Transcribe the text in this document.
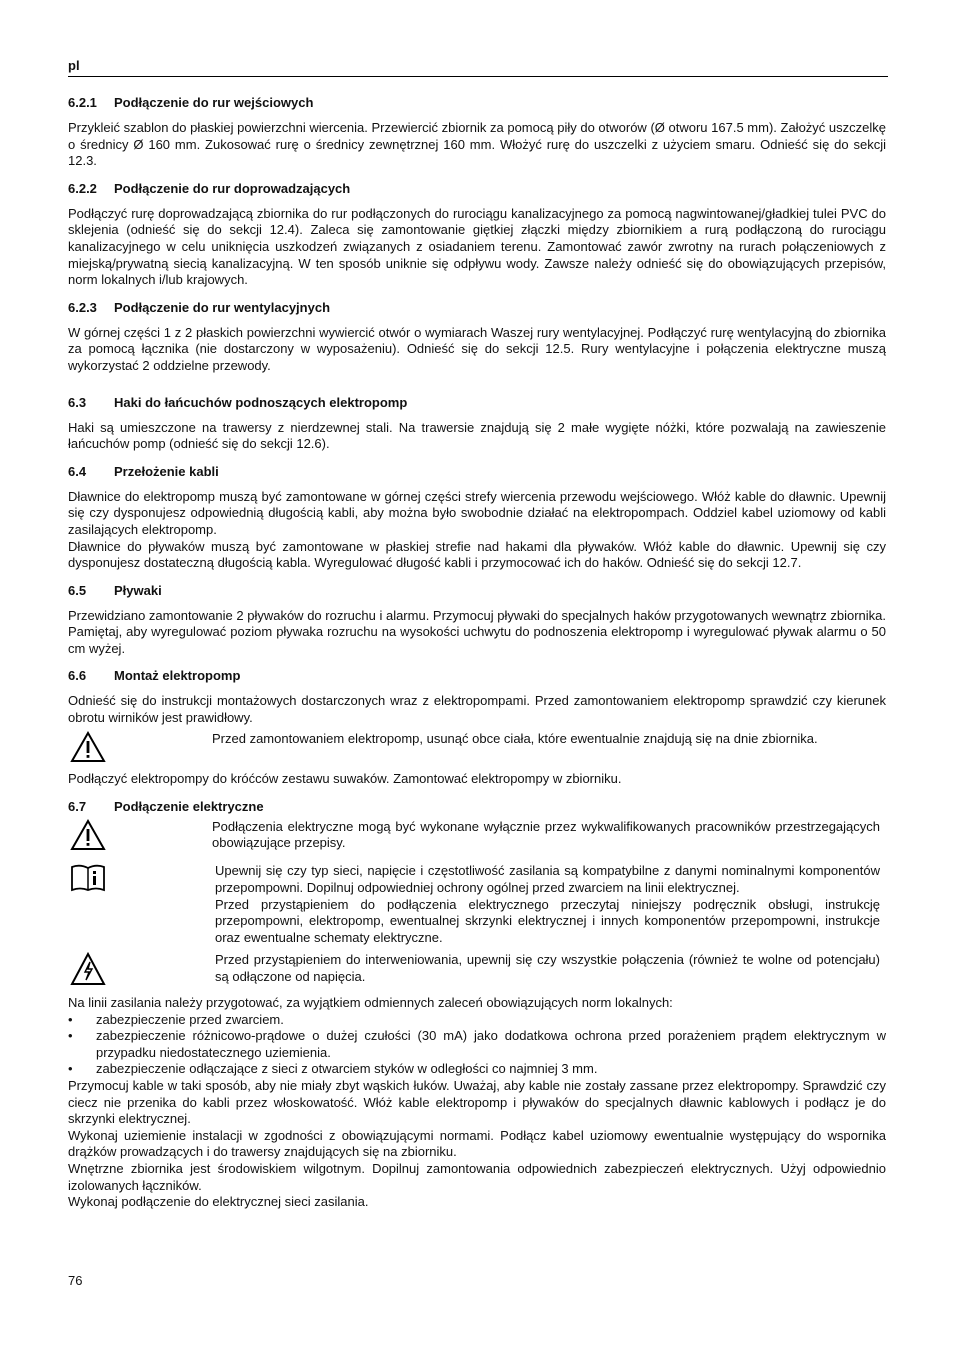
pl
6.2.1 Podłączenie do rur wejściowych

Przykleić szablon do płaskiej powierzchni wiercenia. Przewiercić zbiornik za pomocą piły do otworów (Ø otworu 167.5 mm). Założyć uszczelkę o średnicy Ø 160 mm. Zukosować rurę o średnicy zewnętrznej 160 mm. Włożyć rurę do uszczelki z użyciem smaru. Odnieść się do sekcji 12.3.

6.2.2 Podłączenie do rur doprowadzających

Podłączyć rurę doprowadzającą zbiornika do rur podłączonych do rurociągu kanalizacyjnego za pomocą nagwintowanej/gładkiej tulei PVC do sklejenia (odnieść się do sekcji 12.4). Zaleca się zamontowanie giętkiej złączki między zbiornikiem a rurą podłączoną do rurociągu kanalizacyjnego w celu uniknięcia uszkodzeń związanych z osiadaniem terenu. Zamontować zawór zwrotny na rurach połączeniowych z miejską/prywatną siecią kanalizacyjną. W ten sposób uniknie się odpływu wody. Zawsze należy odnieść się do obowiązujących przepisów, norm lokalnych i/lub krajowych.

6.2.3 Podłączenie do rur wentylacyjnych

W górnej części 1 z 2 płaskich powierzchni wywiercić otwór o wymiarach Waszej rury wentylacyjnej. Podłączyć rurę wentylacyjną do zbiornika za pomocą łącznika (nie dostarczony w wyposażeniu). Odnieść się do sekcji 12.5. Rury wentylacyjne i połączenia elektryczne muszą wykorzystać 2 oddzielne przewody.

6.3 Haki do łańcuchów podnoszących elektropomp

Haki są umieszczone na trawersy z nierdzewnej stali. Na trawersie znajdują się 2 małe wygięte nóżki, które pozwalają na zawieszenie łańcuchów pomp (odnieść się do sekcji 12.6).

6.4 Przełożenie kabli

Dławnice do elektropomp muszą być zamontowane w górnej części strefy wiercenia przewodu wejściowego. Włóż kable do dławnic. Upewnij się czy dysponujesz odpowiednią długością kabli, aby można było swobodnie działać na elektropompach. Oddziel kabel uziomowy od kabli zasilających elektropomp.

Dławnice do pływaków muszą być zamontowane w płaskiej strefie nad hakami dla pływaków. Włóż kable do dławnic. Upewnij się czy dysponujesz dostateczną długością kabla. Wyregulować długość kabli i przymocować ich do haków. Odnieść się do sekcji 12.7.

6.5 Pływaki

Przewidziano zamontowanie 2 pływaków do rozruchu i alarmu. Przymocuj pływaki do specjalnych haków przygotowanych wewnątrz zbiornika. Pamiętaj, aby wyregulować poziom pływaka rozruchu na wysokości uchwytu do podnoszenia elektropomp i wyregulować pływak alarmu o 50 cm wyżej.

6.6 Montaż elektropomp

Odnieść się do instrukcji montażowych dostarczonych wraz z elektropompami. Przed zamontowaniem elektropomp sprawdzić czy kierunek obrotu wirników jest prawidłowy.

Przed zamontowaniem elektropomp, usunąć obce ciała, które ewentualnie znajdują się na dnie zbiornika.

Podłączyć elektropompy do króćców zestawu suwaków. Zamontować elektropompy w zbiorniku.

6.7 Podłączenie elektryczne
Podłączenia elektryczne mogą być wykonane wyłącznie przez wykwalifikowanych pracowników przestrzegających obowiązujące przepisy.
Upewnij się czy typ sieci, napięcie i częstotliwość zasilania są kompatybilne z danymi nominalnymi komponentów przepompowni. Dopilnuj odpowiedniej ochrony ogólnej przed zwarciem na linii elektrycznej.
Przed przystąpieniem do podłączenia elektrycznego przeczytaj niniejszy podręcznik obsługi, instrukcję przepompowni, elektropomp, ewentualnej skrzynki elektrycznej i innych komponentów przepompowni, instrukcje oraz ewentualne schematy elektryczne.
Przed przystąpieniem do interweniowania, upewnij się czy wszystkie połączenia (również te wolne od potencjału) są odłączone od napięcia.

Na linii zasilania należy przygotować, za wyjątkiem odmiennych zaleceń obowiązujących norm lokalnych:

•	zabezpieczenie przed zwarciem.
•	zabezpieczenie różnicowo-prądowe o dużej czułości (30 mA) jako dodatkowa ochrona przed porażeniem prądem elektrycznym w przypadku niedostatecznego uziemienia.
•	zabezpieczenie odłączające z sieci z otwarciem styków w odległości co najmniej 3 mm.

Przymocuj kable w taki sposób, aby nie miały zbyt wąskich łuków. Uważaj, aby kable nie zostały zassane przez elektropompy. Sprawdzić czy ciecz nie przenika do kabli przez włoskowatość. Włóż kable elektropomp i pływaków do specjalnych dławnic kablowych i podłącz je do skrzynki elektrycznej.

Wykonaj uziemienie instalacji w zgodności z obowiązującymi normami. Podłącz kabel uziomowy ewentualnie występujący do wspornika drążków prowadzących i do trawersy znajdujących się na zbiorniku.

Wnętrzne zbiornika jest środowiskiem wilgotnym. Dopilnuj zamontowania odpowiednich zabezpieczeń elektrycznych. Użyj odpowiednio izolowanych łączników.

Wykonaj podłączenie do elektrycznej sieci zasilania.

76
